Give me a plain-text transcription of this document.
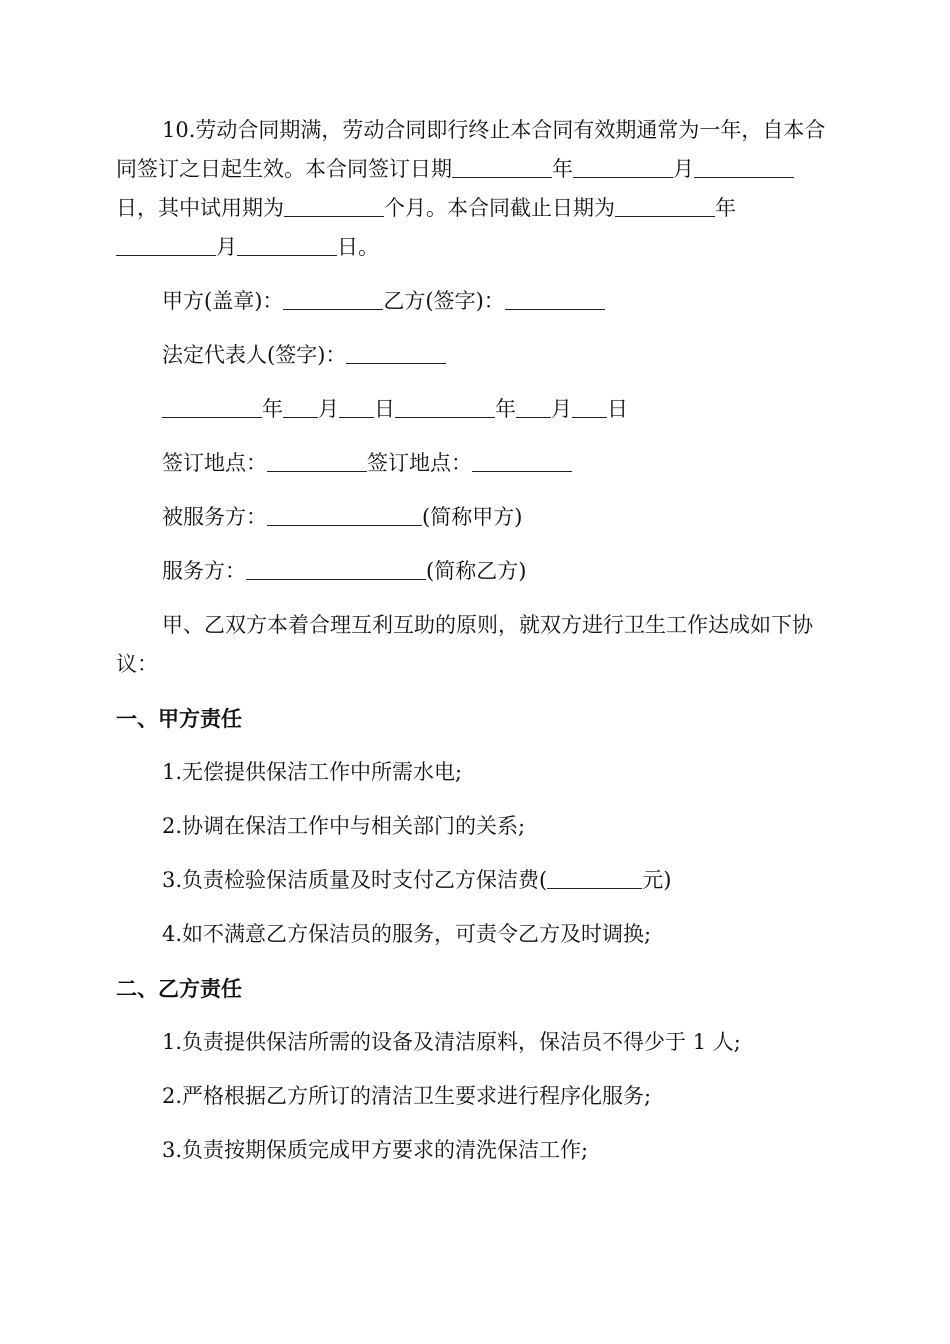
10.劳动合同期满，劳动合同即行终止本合同有效期通常为一年，自本合同签订之日起生效。本合同签订日期	年	月日，其中试用期为	个月。本合同截止日期为	年月	日。

甲方(盖章)：	乙方(签字)：

法定代表人(签字)：

年 月 日	年 月 日

签订地点：	签订地点：

被服务方：	(简称甲方)

服务方：	(简称乙方)

甲、乙双方本着合理互利互助的原则，就双方进行卫生工作达成如下协议：

一、甲方责任

1.无偿提供保洁工作中所需水电;

2.协调在保洁工作中与相关部门的关系;

3.负责检验保洁质量及时支付乙方保洁费(	元)

4.如不满意乙方保洁员的服务，可责令乙方及时调换;

二、乙方责任

1.负责提供保洁所需的设备及清洁原料，保洁员不得少于 1 人;

2.严格根据乙方所订的清洁卫生要求进行程序化服务;

3.负责按期保质完成甲方要求的清洗保洁工作;
